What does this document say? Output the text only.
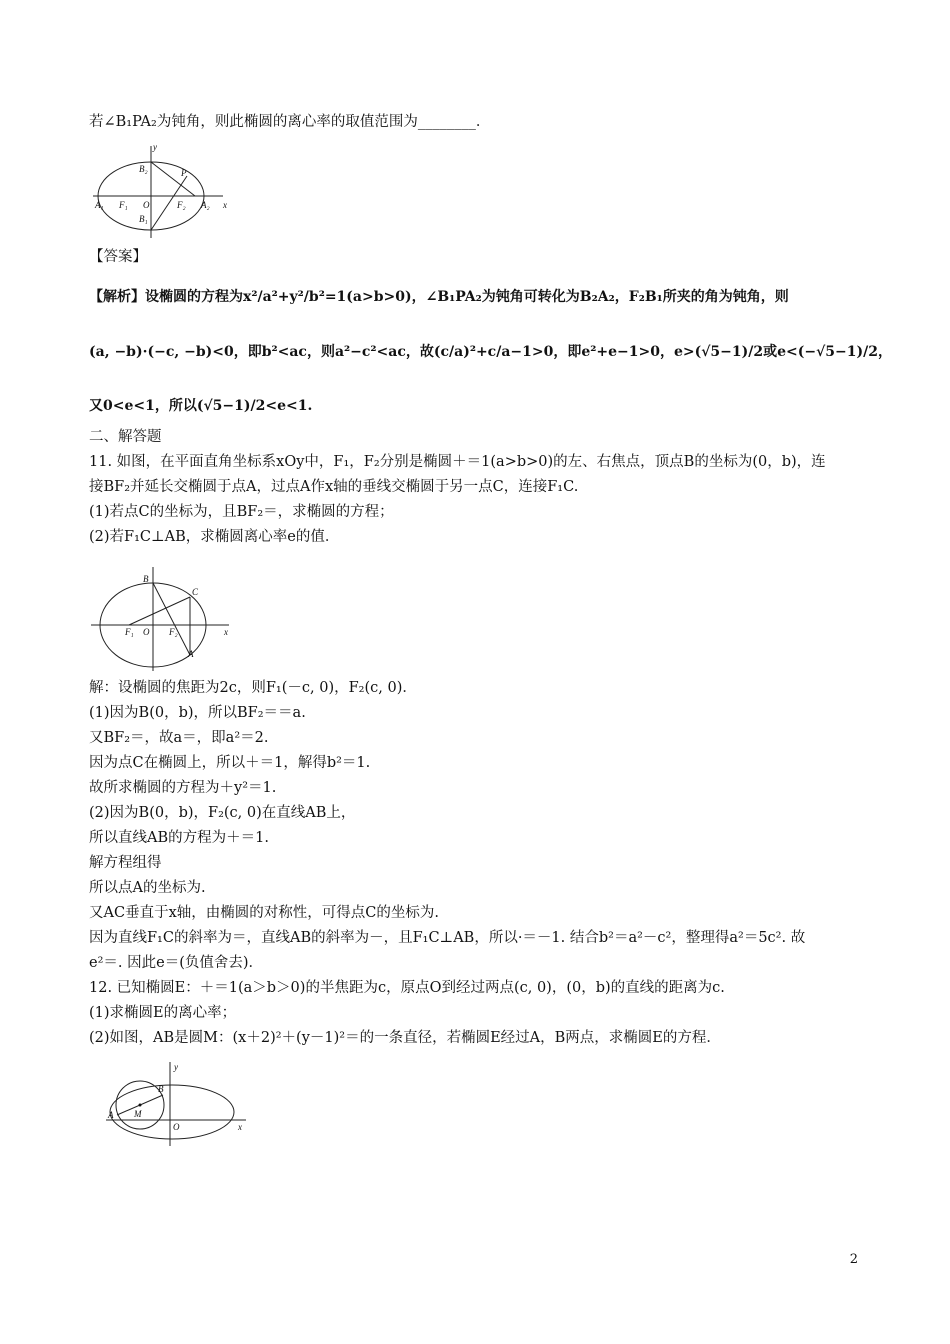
若∠B₁PA₂为钝角，则此椭圆的离心率的取值范围为________．
y
B₂	P
A₁ F₁ O	F₂ A₂ x
B₁
【答案】
【解析】设椭圆的方程为x²/a²+y²/b²=1(a>b>0)，∠B₁PA₂为钝角可转化为B₂A₂，F₂B₁所夹的角为钝角，则
(a, −b)·(−c, −b)<0，即b²<ac，则a²−c²<ac，故(c/a)²+c/a−1>0，即e²+e−1>0，e>(√5−1)/2或e<(−√5−1)/2，
又0<e<1，所以(√5−1)/2<e<1.
二、解答题
11. 如图，在平面直角坐标系xOy中，F₁，F₂分别是椭圆＋＝1(a>b>0)的左、右焦点，顶点B的坐标为(0，b)，连
接BF₂并延长交椭圆于点A，过点A作x轴的垂线交椭圆于另一点C，连接F₁C.
(1)若点C的坐标为，且BF₂＝，求椭圆的方程；
(2)若F₁C⊥AB，求椭圆离心率e的值．
B
C
F₁ O F₂	x
A
解：设椭圆的焦距为2c，则F₁(－c, 0)，F₂(c, 0)．
(1)因为B(0，b)，所以BF₂＝＝a.
又BF₂＝，故a＝，即a²＝2.
因为点C在椭圆上，所以＋＝1，解得b²＝1.
故所求椭圆的方程为＋y²＝1.
(2)因为B(0，b)，F₂(c, 0)在直线AB上，
所以直线AB的方程为＋＝1.
解方程组得
所以点A的坐标为.
又AC垂直于x轴，由椭圆的对称性，可得点C的坐标为.
因为直线F₁C的斜率为＝，直线AB的斜率为－，且F₁C⊥AB，所以·＝－1. 结合b²＝a²－c²，整理得a²＝5c². 故
e²＝. 因此e＝(负值舍去)．
12. 已知椭圆E：＋＝1(a＞b＞0)的半焦距为c，原点O到经过两点(c, 0)，(0，b)的直线的距离为c.
(1)求椭圆E的离心率；
(2)如图，AB是圆M：(x＋2)²＋(y－1)²＝的一条直径，若椭圆E经过A，B两点，求椭圆E的方程．
y
B
A M
O	x
2
